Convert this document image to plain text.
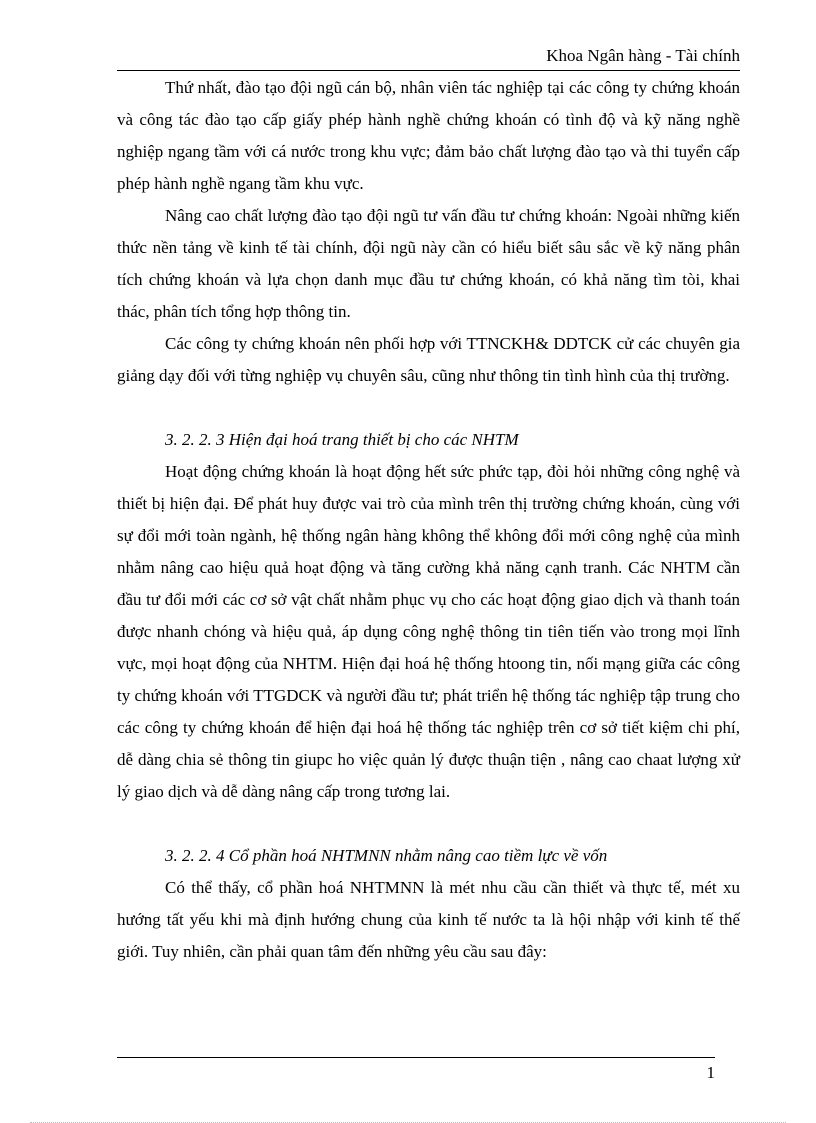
Khoa Ngân hàng - Tài chính

Thứ nhất, đào tạo đội ngũ cán bộ, nhân viên tác nghiệp tại các công ty chứng khoán và công tác đào tạo cấp giấy phép hành nghề chứng khoán có tình độ và kỹ năng nghề nghiệp ngang tầm với cá nước trong khu vực; đảm bảo chất lượng đào tạo và thi tuyển cấp phép hành nghề ngang tầm khu vực.

Nâng cao chất lượng đào tạo đội ngũ tư vấn đầu tư chứng khoán: Ngoài những kiến thức nền tảng về kinh tế tài chính, đội ngũ này cần có hiểu biết sâu sắc về kỹ năng phân tích chứng khoán và lựa chọn danh mục đầu tư chứng khoán, có khả năng tìm tòi, khai thác, phân tích tổng hợp thông tin.

Các công ty chứng khoán nên phối hợp với TTNCKH& DDTCK cử các chuyên gia giảng dạy đối với từng nghiệp vụ chuyên sâu, cũng như thông tin tình hình của thị trường.

3. 2. 2. 3 Hiện đại hoá trang thiết bị cho các NHTM

Hoạt động chứng khoán là hoạt động hết sức phức tạp, đòi hỏi những công nghệ và thiết bị hiện đại. Để phát huy được vai trò của mình trên thị trường chứng khoán, cùng với sự đổi mới toàn ngành, hệ thống ngân hàng không thể không đổi mới công nghệ của mình nhằm nâng cao hiệu quả hoạt động và tăng cường khả năng cạnh tranh. Các NHTM cần đầu tư đổi mới các cơ sở vật chất nhằm phục vụ cho các hoạt động giao dịch và thanh toán được nhanh chóng và hiệu quả, áp dụng công nghệ thông tin tiên tiến vào trong mọi lĩnh vực, mọi hoạt động của NHTM. Hiện đại hoá hệ thống htoong tin, nối mạng giữa các công ty chứng khoán với TTGDCK và người đầu tư; phát triển hệ thống tác nghiệp tập trung cho các công ty chứng khoán để hiện đại hoá hệ thống tác nghiệp trên cơ sở tiết kiệm chi phí, dễ dàng chia sẻ thông tin giupc ho việc quản lý được thuận tiện , nâng cao chaat lượng xử lý giao dịch và dễ dàng nâng cấp trong tương lai.

3. 2. 2. 4 Cổ phần hoá NHTMNN nhằm nâng cao tiềm lực về vốn

Có thể thấy, cổ phần hoá NHTMNN là mét nhu cầu cần thiết và thực tế, mét xu hướng tất yếu khi mà định hướng chung của kinh tế nước ta là hội nhập với kinh tế thế giới. Tuy nhiên, cần phải quan tâm đến những yêu cầu sau đây:

1
